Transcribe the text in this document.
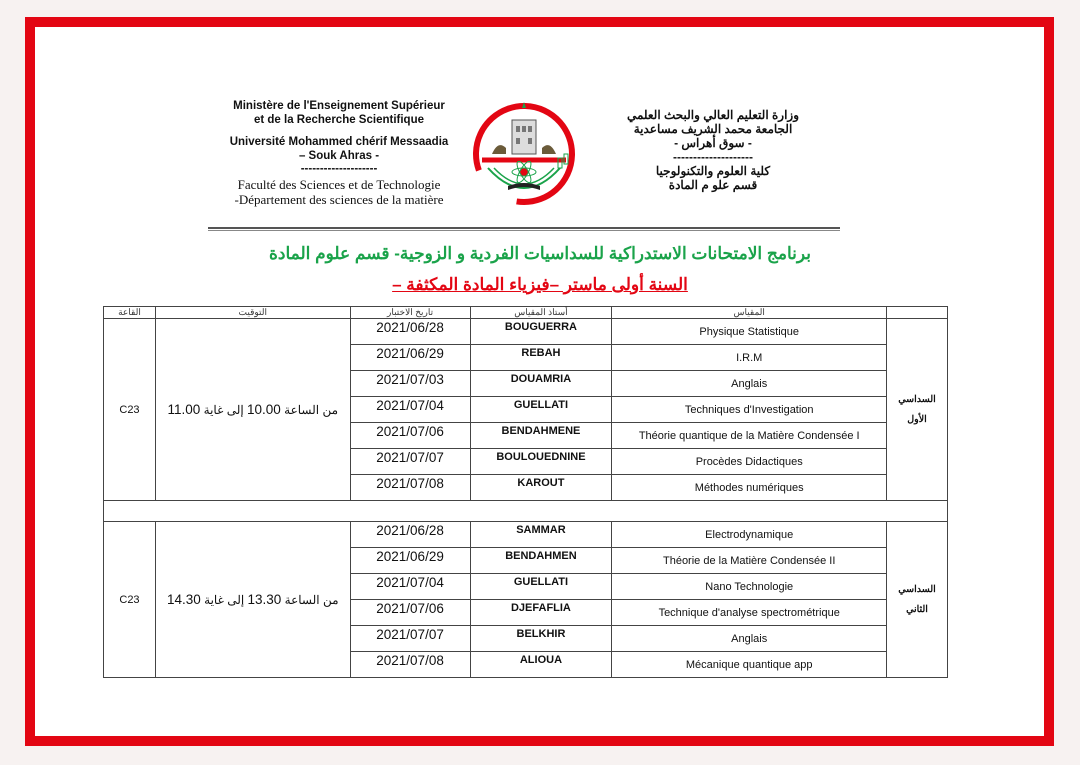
Ministère de l'Enseignement Supérieur
et de la Recherche Scientifique
Université Mohammed chérif Messaadia
– Souk Ahras -
--------------------
Faculté des Sciences et de Technologie
-Département des sciences de la matière
وزارة التعليم العالي والبحث العلمي
الجامعة محمد الشريف مساعدية
- سوق أهراس -
--------------------
كلية العلوم والتكنولوجيا
قسم علو م المادة
برنامج الامتحانات الاستدراكية للسداسيات الفردية و الزوجية- قسم علوم المادة
السنة أولى ماستر –فيزياء المادة المكثفة –
القاعة	التوقيت	تاريخ الاختبار	أستاذ المقياس	المقياس	
C23	من الساعة 10.00 إلى غاية 11.00	2021/06/28	BOUGUERRA	Physique Statistique	السداسي
الأول

		2021/06/29	REBAH	I.R.M	
		2021/07/03	DOUAMRIA	Anglais	
		2021/07/04	GUELLATI	Techniques d'Investigation	
		2021/07/06	BENDAHMENE	Théorie quantique de la Matière Condensée I	
		2021/07/07	BOULOUEDNINE	Procèdes Didactiques	
		2021/07/08	KAROUT	Méthodes numériques	

C23	من الساعة 13.30 إلى غاية 14.30	2021/06/28	SAMMAR	Electrodynamique	السداسي
الثاني

		2021/06/29	BENDAHMEN	Théorie de la Matière Condensée II	
		2021/07/04	GUELLATI	Nano Technologie	
		2021/07/06	DJEFAFLIA	Technique d'analyse spectrométrique	
		2021/07/07	BELKHIR	Anglais	
		2021/07/08	ALIOUA	Mécanique quantique app	
